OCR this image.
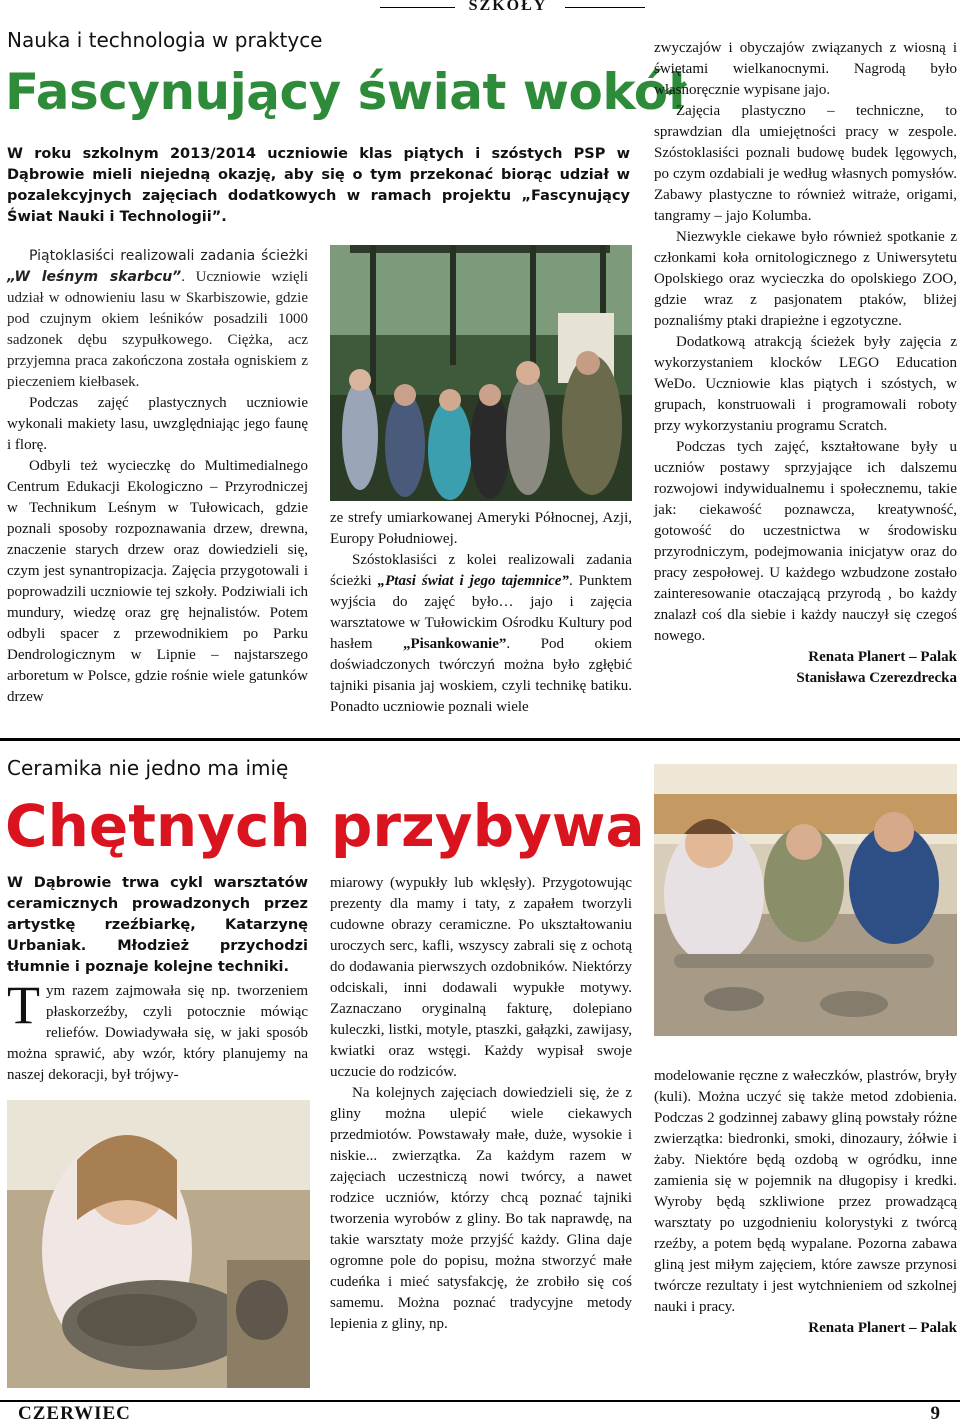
SZKOŁY
Nauka i technologia w praktyce
Fascynujący świat wokół
W roku szkolnym 2013/2014 uczniowie klas piątych i szóstych PSP w Dąbrowie mieli niejedną okazję, aby się o tym przekonać biorąc udział w pozalekcyjnych zajęciach dodatkowych w ramach projektu „Fascynujący Świat Nauki i Technologii”.

Piątoklasiści realizowali zadania ścieżki „W leśnym skarbcu”. Uczniowie wzięli udział w odnowieniu lasu w Skarbiszowie, gdzie pod czujnym okiem leśników posadzili 1000 sadzonek dębu szypułkowego. Ciężka, acz przyjemna praca zakończona została ogniskiem z pieczeniem kiełbasek.

Podczas zajęć plastycznych uczniowie wykonali makiety lasu, uwzględniając jego faunę i florę.

Odbyli też wycieczkę do Multimedialnego Centrum Edukacji Ekologiczno – Przyrodniczej w Technikum Leśnym w Tułowicach, gdzie poznali sposoby rozpoznawania drzew, drewna, znaczenie starych drzew oraz dowiedzieli się, czym jest synantropizacja. Zajęcia przygotowali i poprowadzili uczniowie tej szkoły. Podziwiali ich mundury, wiedzę oraz grę hejnalistów. Potem odbyli spacer z przewodnikiem po Parku Dendrologicznym w Lipnie – najstarszego arboretum w Polsce, gdzie rośnie wiele gatunków drzew

ze strefy umiarkowanej Ameryki Północnej, Azji, Europy Południowej.

Szóstoklasiści z kolei realizowali zadania ścieżki „Ptasi świat i jego tajemnice”. Punktem wyjścia do zajęć było… jajo i zajęcia warsztatowe w Tułowickim Ośrodku Kultury pod hasłem „Pisankowanie”. Pod okiem doświadczonych twórczyń można było zgłębić tajniki pisania jaj woskiem, czyli technikę batiku. Ponadto uczniowie poznali wiele

zwyczajów i obyczajów związanych z wiosną i świętami wielkanocnymi. Nagrodą było własnoręcznie wypisane jajo.

Zajęcia plastyczno – techniczne, to sprawdzian dla umiejętności pracy w zespole. Szóstoklasiści poznali budowę budek lęgowych, po czym ozdabiali je według własnych pomysłów. Zabawy plastyczne to również witraże, origami, tangramy – jajo Kolumba.

Niezwykle ciekawe było również spotkanie z członkami koła ornitologicznego z Uniwersytetu Opolskiego oraz wycieczka do opolskiego ZOO, gdzie wraz z pasjonatem ptaków, bliżej poznaliśmy ptaki drapieżne i egzotyczne.

Dodatkową atrakcją ścieżek były zajęcia z wykorzystaniem klocków LEGO Education WeDo. Uczniowie klas piątych i szóstych, w grupach, konstruowali i programowali roboty przy wykorzystaniu programu Scratch.

Podczas tych zajęć, kształtowane były u uczniów postawy sprzyjające ich dalszemu rozwojowi indywidualnemu i społecznemu, takie jak: ciekawość poznawcza, kreatywność, gotowość do uczestnictwa w środowisku przyrodniczym, podejmowania inicjatyw oraz do pracy zespołowej. U każdego wzbudzone zostało zainteresowanie otaczającą przyrodą , bo każdy znalazł coś dla siebie i każdy nauczył się czegoś nowego.

Renata Planert – Palak
Stanisława Czerezdrecka
Ceramika nie jedno ma imię
Chętnych przybywa
W Dąbrowie trwa cykl warsztatów ceramicznych prowadzonych przez artystkę rzeźbiarkę, Katarzynę Urbaniak. Młodzież przychodzi tłumnie i poznaje kolejne techniki.

Tym razem zajmowała się np. tworzeniem płaskorzeźby, czyli potocznie mówiąc reliefów. Dowiadywała się, w jaki sposób można sprawić, aby wzór, który planujemy na naszej dekoracji, był trójwy-

miarowy (wypukły lub wklęsły). Przygotowując prezenty dla mamy i taty, z zapałem tworzyli cudowne obrazy ceramiczne. Po ukształtowaniu uroczych serc, kafli, wszyscy zabrali się z ochotą do dodawania pierwszych ozdobników. Niektórzy odciskali, inni dodawali wypukłe motywy. Zaznaczano oryginalną fakturę, dolepiano kuleczki, listki, motyle, ptaszki, gałązki, zawijasy, kwiatki oraz wstęgi. Każdy wypisał swoje uczucie do rodziców.

Na kolejnych zajęciach dowiedzieli się, że z gliny można ulepić wiele ciekawych przedmiotów. Powstawały małe, duże, wysokie i niskie... zwierzątka. Za każdym razem w zajęciach uczestniczą nowi twórcy, a nawet rodzice uczniów, którzy chcą poznać tajniki tworzenia wyrobów z gliny. Bo tak naprawdę, na takie warsztaty może przyjść każdy. Glina daje ogromne pole do popisu, można stworzyć małe cudeńka i mieć satysfakcję, że zrobiło się coś samemu. Można poznać tradycyjne metody lepienia z gliny, np.

modelowanie ręczne z wałeczków, plastrów, bryły (kuli). Można uczyć się także metod zdobienia. Podczas 2 godzinnej zabawy gliną powstały różne zwierzątka: biedronki, smoki, dinozaury, żółwie i żaby. Niektóre będą ozdobą w ogródku, inne zamienia się w pojemnik na długopisy i kredki. Wyroby będą szkliwione przez prowadzącą warsztaty po uzgodnieniu kolorystyki z twórcą rzeźby, a potem będą wypalane. Pozorna zabawa gliną jest miłym zajęciem, które zawsze przynosi twórcze rezultaty i jest wytchnieniem od szkolnej nauki i pracy.

Renata Planert – Palak
CZERWIEC	9
